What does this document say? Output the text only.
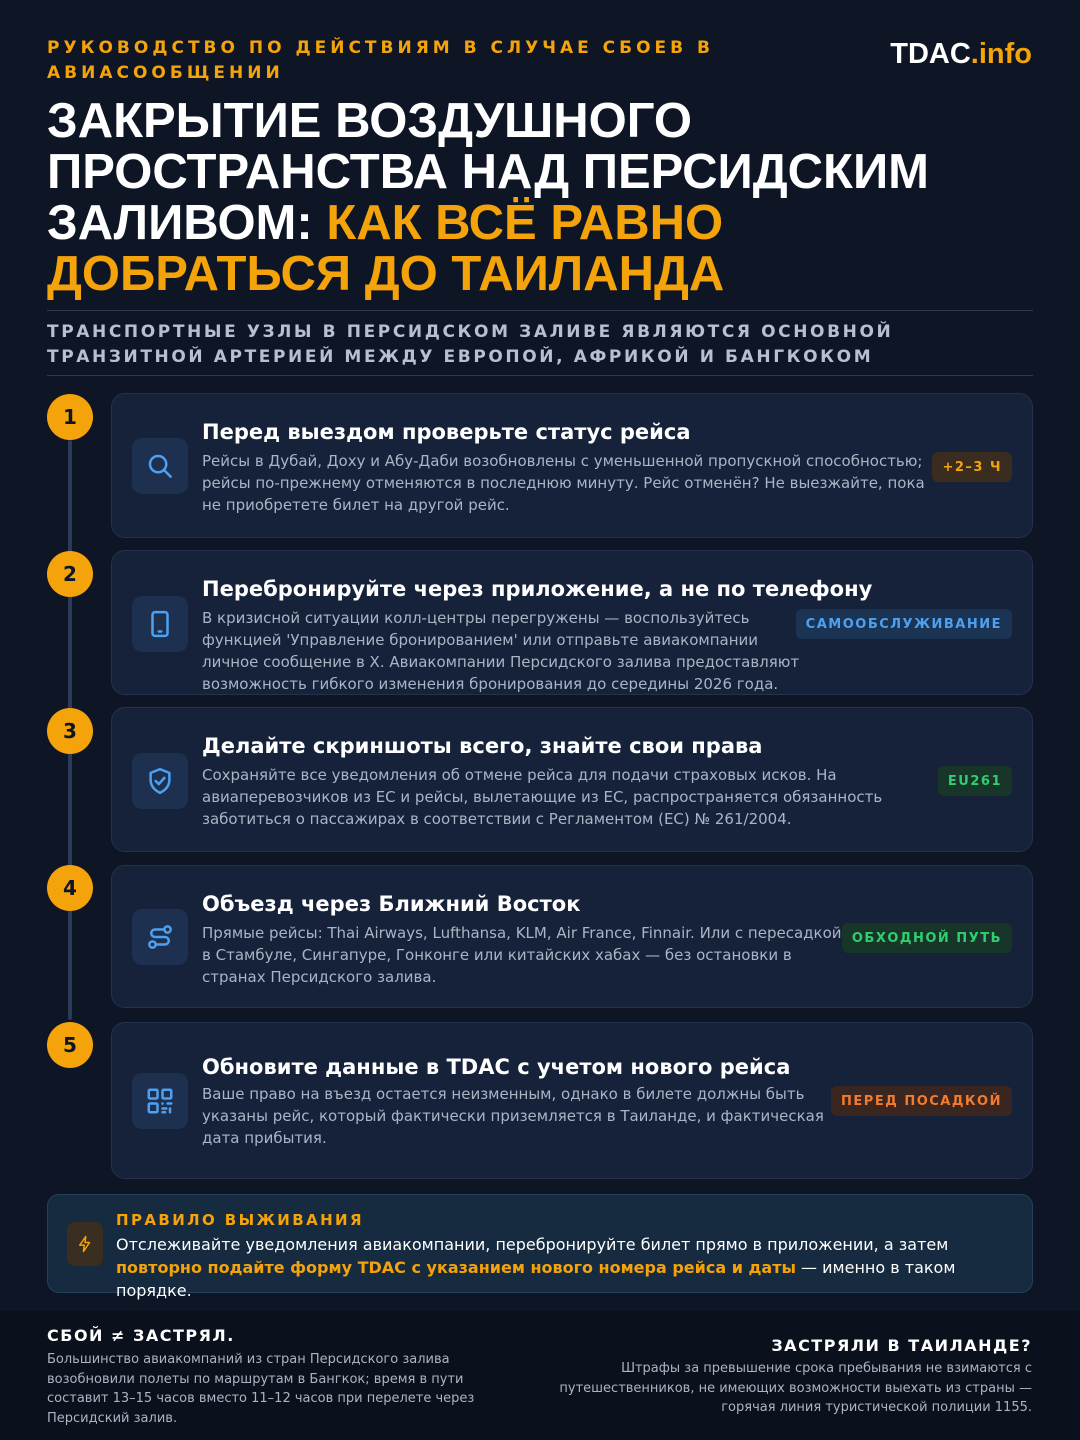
РУКОВОДСТВО ПО ДЕЙСТВИЯМ В СЛУЧАЕ СБОЕВ В АВИАСООБЩЕНИИ
TDAC.info
ЗАКРЫТИЕ ВОЗДУШНОГО ПРОСТРАНСТВА НАД ПЕРСИДСКИМ ЗАЛИВОМ: КАК ВСЁ РАВНО ДОБРАТЬСЯ ДО ТАИЛАНДА
ТРАНСПОРТНЫЕ УЗЛЫ В ПЕРСИДСКОМ ЗАЛИВЕ ЯВЛЯЮТСЯ ОСНОВНОЙ ТРАНЗИТНОЙ АРТЕРИЕЙ МЕЖДУ ЕВРОПОЙ, АФРИКОЙ И БАНГКОКОМ
1
Перед выездом проверьте статус рейса
Рейсы в Дубай, Доху и Абу-Даби возобновлены с уменьшенной пропускной способностью; рейсы по-прежнему отменяются в последнюю минуту. Рейс отменён? Не выезжайте, пока не приобретете билет на другой рейс.
+2–3 Ч
2
Перебронируйте через приложение, а не по телефону
В кризисной ситуации колл-центры перегружены — воспользуйтесь функцией 'Управление бронированием' или отправьте авиакомпании личное сообщение в X. Авиакомпании Персидского залива предоставляют возможность гибкого изменения бронирования до середины 2026 года.
САМООБСЛУЖИВАНИЕ
3
Делайте скриншоты всего, знайте свои права
Сохраняйте все уведомления об отмене рейса для подачи страховых исков. На авиаперевозчиков из ЕС и рейсы, вылетающие из ЕС, распространяется обязанность заботиться о пассажирах в соответствии с Регламентом (ЕС) № 261/2004.
EU261
4
Объезд через Ближний Восток
Прямые рейсы: Thai Airways, Lufthansa, KLM, Air France, Finnair. Или с пересадкой в Стамбуле, Сингапуре, Гонконге или китайских хабах — без остановки в странах Персидского залива.
ОБХОДНОЙ ПУТЬ
5
Обновите данные в TDAC с учетом нового рейса
Ваше право на въезд остается неизменным, однако в билете должны быть указаны рейс, который фактически приземляется в Таиланде, и фактическая дата прибытия.
ПЕРЕД ПОСАДКОЙ
ПРАВИЛО ВЫЖИВАНИЯ
Отслеживайте уведомления авиакомпании, перебронируйте билет прямо в приложении, а затем повторно подайте форму TDAC с указанием нового номера рейса и даты — именно в таком порядке.
СБОЙ ≠ ЗАСТРЯЛ.
Большинство авиакомпаний из стран Персидского залива возобновили полеты по маршрутам в Бангкок; время в пути составит 13–15 часов вместо 11–12 часов при перелете через Персидский залив.
ЗАСТРЯЛИ В ТАИЛАНДЕ?
Штрафы за превышение срока пребывания не взимаются с путешественников, не имеющих возможности выехать из страны — горячая линия туристической полиции 1155.
